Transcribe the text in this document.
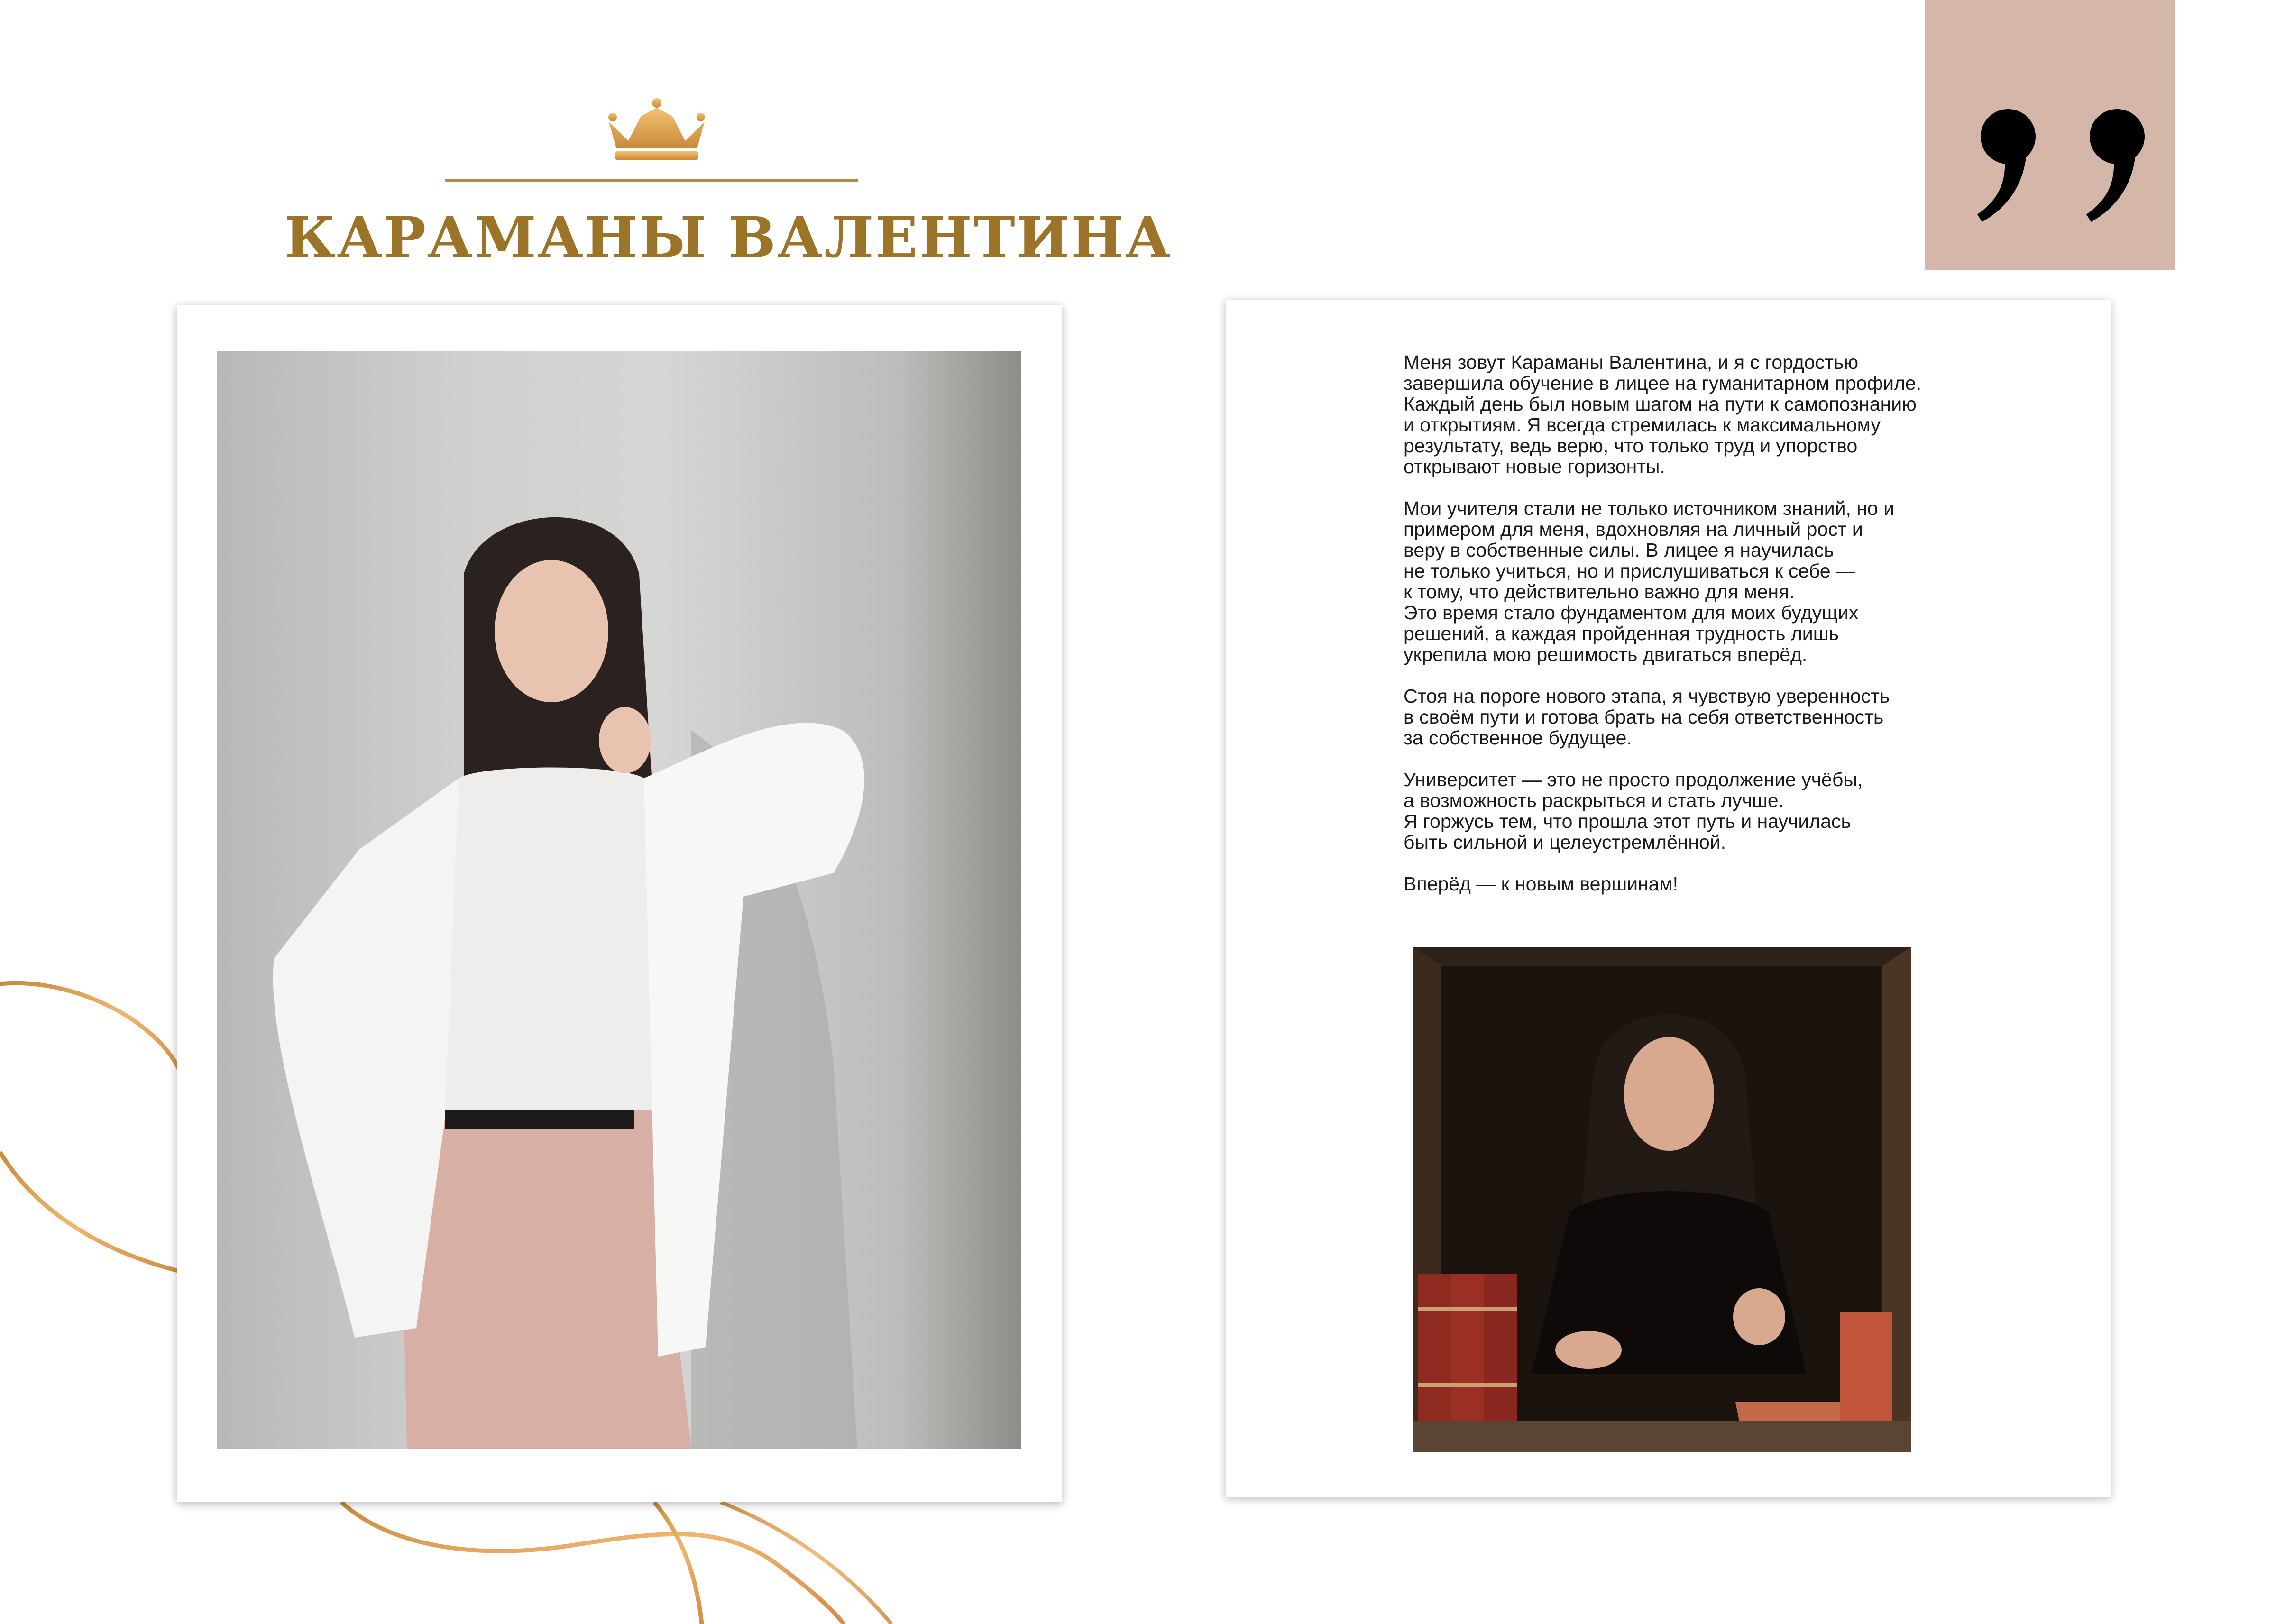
КАРАМАНЫ ВАЛЕНТИНА

Меня зовут Караманы Валентина, и я с гордостью
завершила обучение в лицее на гуманитарном профиле.
Каждый день был новым шагом на пути к самопознанию
и открытиям. Я всегда стремилась к максимальному
результату, ведь верю, что только труд и упорство
открывают новые горизонты.

Мои учителя стали не только источником знаний, но и
примером для меня, вдохновляя на личный рост и
веру в собственные силы. В лицее я научилась
не только учиться, но и прислушиваться к себе —
к тому, что действительно важно для меня.
Это время стало фундаментом для моих будущих
решений, а каждая пройденная трудность лишь
укрепила мою решимость двигаться вперёд.

Стоя на пороге нового этапа, я чувствую уверенность
в своём пути и готова брать на себя ответственность
за собственное будущее.

Университет — это не просто продолжение учёбы,
а возможность раскрыться и стать лучше.
Я горжусь тем, что прошла этот путь и научилась
быть сильной и целеустремлённой.

Вперёд — к новым вершинам!
